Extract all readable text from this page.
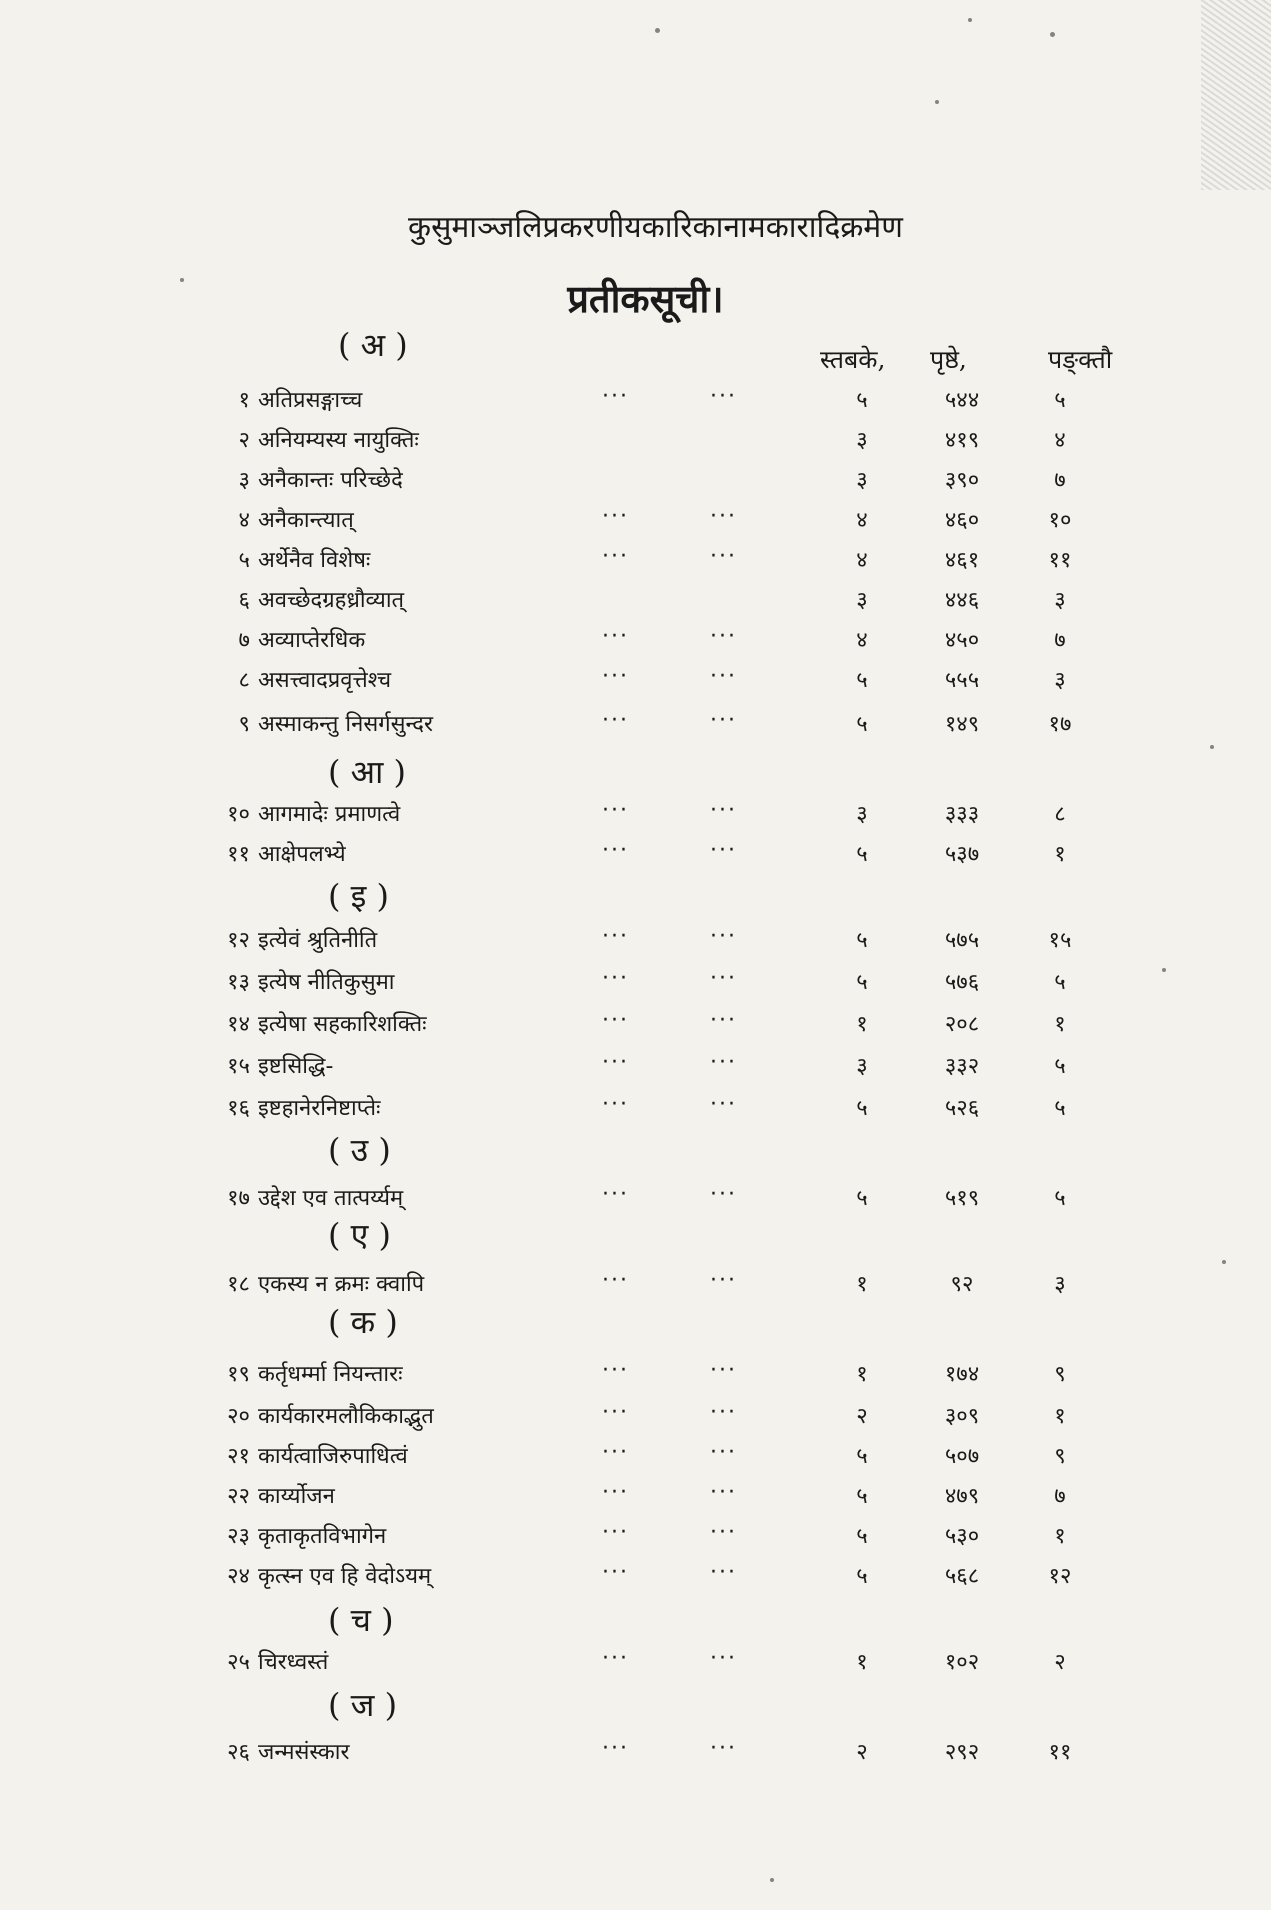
कुसुमाञ्जलिप्रकरणीयकारिकानामकारादिक्रमेण
प्रतीकसूची।
स्तबके, पृष्ठे,	पङ्क्तौ
( अ )
( आ )
( इ )
( उ )
( ए )
( क )
( च )
( ज )
१ अतिप्रसङ्गाच्च	···	···	५	५४४	५
२ अनियम्यस्य नायुक्तिः	३	४१९	४
३ अनैकान्तः परिच्छेदे	३	३९०	७
४ अनैकान्त्यात्	···	···	४	४६०	१०
५ अर्थेनैव विशेषः	···	···	४	४६१	११
६ अवच्छेदग्रहध्रौव्यात्	३	४४६	३
७ अव्याप्तेरधिक	···	···	४	४५०	७
८ असत्त्वादप्रवृत्तेश्च	···	···	५	५५५	३
९ अस्माकन्तु निसर्गसुन्दर	···	···	५	१४९	१७
१० आगमादेः प्रमाणत्वे	···	···	३	३३३	८
११ आक्षेपलभ्ये	···	···	५	५३७	१
१२ इत्येवं श्रुतिनीति	···	···	५	५७५	१५
१३ इत्येष नीतिकुसुमा	···	···	५	५७६	५
१४ इत्येषा सहकारिशक्तिः	···	···	१	२०८	१
१५ इष्टसिद्धि-	···	···	३	३३२	५
१६ इष्टहानेरनिष्टाप्तेः	···	···	५	५२६	५
१७ उद्देश एव तात्पर्य्यम्	···	···	५	५१९	५
१८ एकस्य न क्रमः क्वापि	···	···	१	९२	३
१९ कर्तृधर्म्मा नियन्तारः	···	···	१	१७४	९
२० कार्यकारमलौकिकाद्भुत	···	···	२	३०९	१
२१ कार्यत्वाजिरुपाधित्वं	···	···	५	५०७	९
२२ कार्य्योजन	···	···	५	४७९	७
२३ कृताकृतविभागेन	···	···	५	५३०	१
२४ कृत्स्न एव हि वेदोऽयम्	···	···	५	५६८	१२
२५ चिरध्वस्तं	···	···	१	१०२	२
२६ जन्मसंस्कार	···	···	२	२९२	११
